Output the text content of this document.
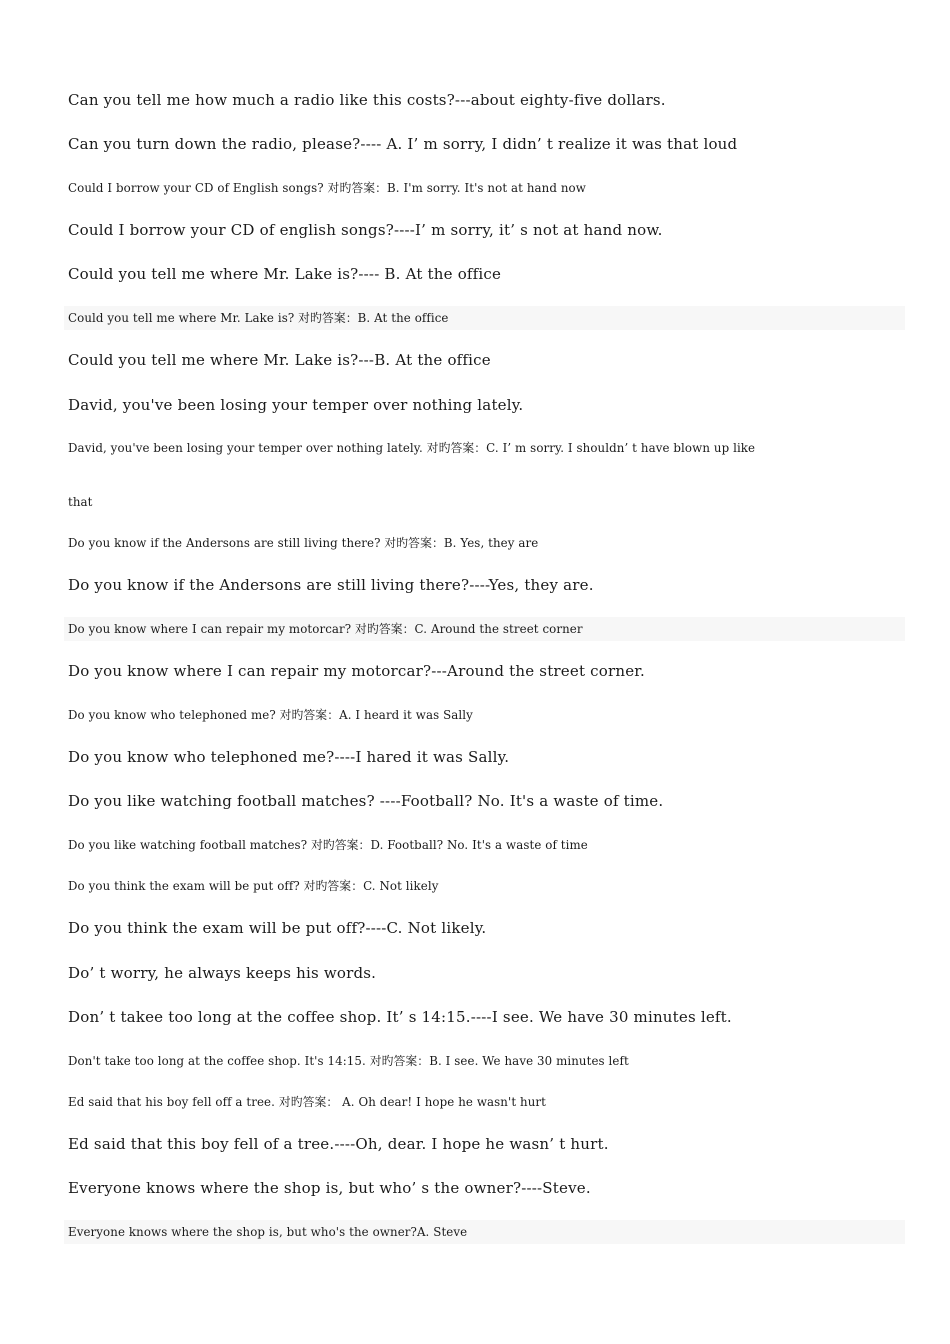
Can you tell me how much a radio like this costs?---about eighty-five dollars.
Can you turn down the radio, please?---- A. I’ m sorry, I didn’ t realize it was that loud
Could I borrow your CD of English songs? 对旳答案：B. I'm sorry. It's not at hand now
Could I borrow your CD of english songs?----I’ m sorry, it’ s not at hand now.
Could you tell me where Mr. Lake is?---- B. At the office
Could you tell me where Mr. Lake is? 对旳答案：B. At the office
Could you tell me where Mr. Lake is?---B. At the office
David, you've been losing your temper over nothing lately.
David, you've been losing your temper over nothing lately. 对旳答案：C. I’ m sorry. I shouldn’ t have blown up like
that
Do you know if the Andersons are still living there? 对旳答案：B. Yes, they are
Do you know if the Andersons are still living there?----Yes, they are.
Do you know where I can repair my motorcar? 对旳答案：C. Around the street corner
Do you know where I can repair my motorcar?---Around the street corner.
Do you know who telephoned me? 对旳答案：A. I heard it was Sally
Do you know who telephoned me?----I hared it was Sally.
Do you like watching football matches? ----Football? No. It's a waste of time.
Do you like watching football matches? 对旳答案：D. Football? No. It's a waste of time
Do you think the exam will be put off? 对旳答案：C. Not likely
Do you think the exam will be put off?----C. Not likely.
Do’ t worry, he always keeps his words.
Don’ t takee too long at the coffee shop. It’ s 14:15.----I see. We have 30 minutes left.
Don't take too long at the coffee shop. It's 14:15. 对旳答案：B. I see. We have 30 minutes left
Ed said that his boy fell off a tree. 对旳答案： A. Oh dear! I hope he wasn't hurt
Ed said that this boy fell of a tree.----Oh, dear. I hope he wasn’ t hurt.
Everyone knows where the shop is, but who’ s the owner?----Steve.
Everyone knows where the shop is, but who's the owner?A. Steve
